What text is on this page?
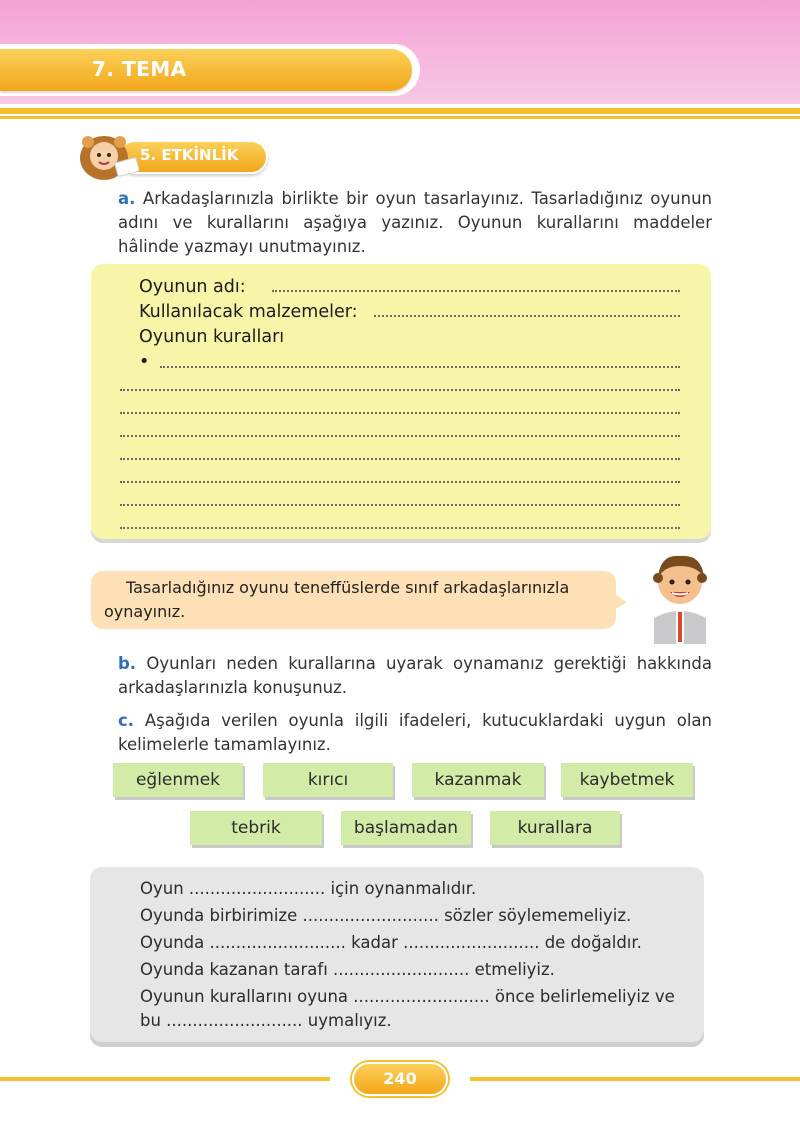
7. TEMA
5. ETKİNLİK
a. Arkadaşlarınızla birlikte bir oyun tasarlayınız. Tasarladığınız oyunun adını ve kurallarını aşağıya yazınız. Oyunun kurallarını maddeler hâlinde yazmayı unutmayınız.
Oyunun adı:
Kullanılacak malzemeler:
Oyunun kuralları
•
Tasarladığınız oyunu teneffüslerde sınıf arkadaşlarınızla oynayınız.
b. Oyunları neden kurallarına uyarak oynamanız gerektiği hakkında arkadaşlarınızla konuşunuz.
c. Aşağıda verilen oyunla ilgili ifadeleri, kutucuklardaki uygun olan kelimelerle tamamlayınız.
eğlenmek	kırıcı	kazanmak	kaybetmek
tebrik	başlamadan	kurallara
Oyun .......................... için oynanmalıdır.
Oyunda birbirimize .......................... sözler söylememeliyiz.
Oyunda .......................... kadar .......................... de doğaldır.
Oyunda kazanan tarafı .......................... etmeliyiz.
Oyunun kurallarını oyuna .......................... önce belirlemeliyiz ve
bu .......................... uymalıyız.
240
